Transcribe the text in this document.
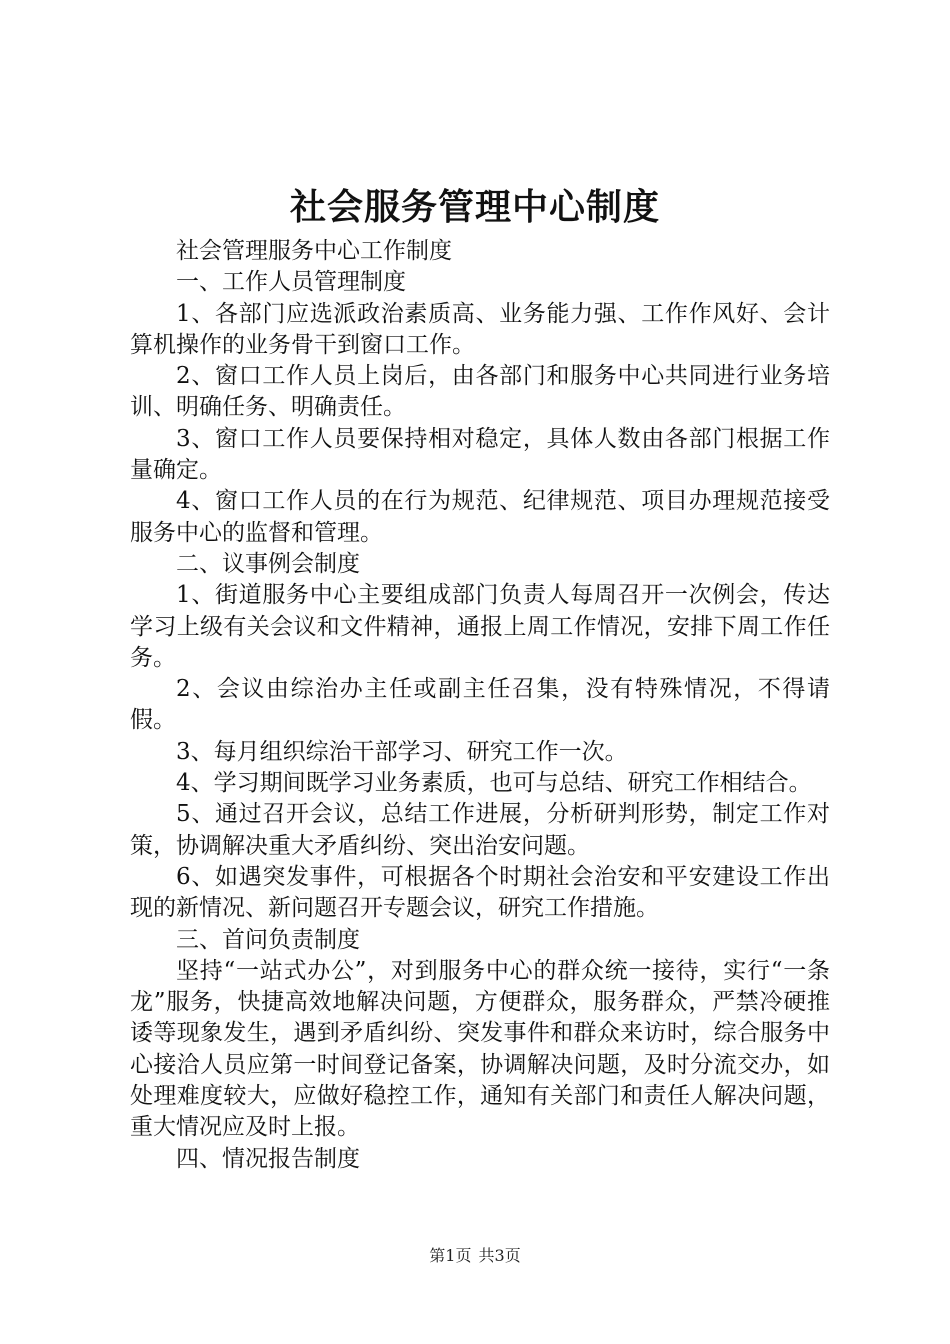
社会服务管理中心制度

社会管理服务中心工作制度

一、工作人员管理制度

1、各部门应选派政治素质高、业务能力强、工作作风好、会计算机操作的业务骨干到窗口工作。

2、窗口工作人员上岗后，由各部门和服务中心共同进行业务培训、明确任务、明确责任。

3、窗口工作人员要保持相对稳定，具体人数由各部门根据工作量确定。

4、窗口工作人员的在行为规范、纪律规范、项目办理规范接受服务中心的监督和管理。

二、议事例会制度

1、街道服务中心主要组成部门负责人每周召开一次例会，传达学习上级有关会议和文件精神，通报上周工作情况，安排下周工作任务。

2、会议由综治办主任或副主任召集，没有特殊情况，不得请假。

3、每月组织综治干部学习、研究工作一次。

4、学习期间既学习业务素质，也可与总结、研究工作相结合。

5、通过召开会议，总结工作进展，分析研判形势，制定工作对策，协调解决重大矛盾纠纷、突出治安问题。

6、如遇突发事件，可根据各个时期社会治安和平安建设工作出现的新情况、新问题召开专题会议，研究工作措施。

三、首问负责制度

坚持“一站式办公”，对到服务中心的群众统一接待，实行“一条龙”服务，快捷高效地解决问题，方便群众，服务群众，严禁冷硬推诿等现象发生，遇到矛盾纠纷、突发事件和群众来访时，综合服务中心接洽人员应第一时间登记备案，协调解决问题，及时分流交办，如处理难度较大，应做好稳控工作，通知有关部门和责任人解决问题，重大情况应及时上报。

四、情况报告制度

第1页 共3页
